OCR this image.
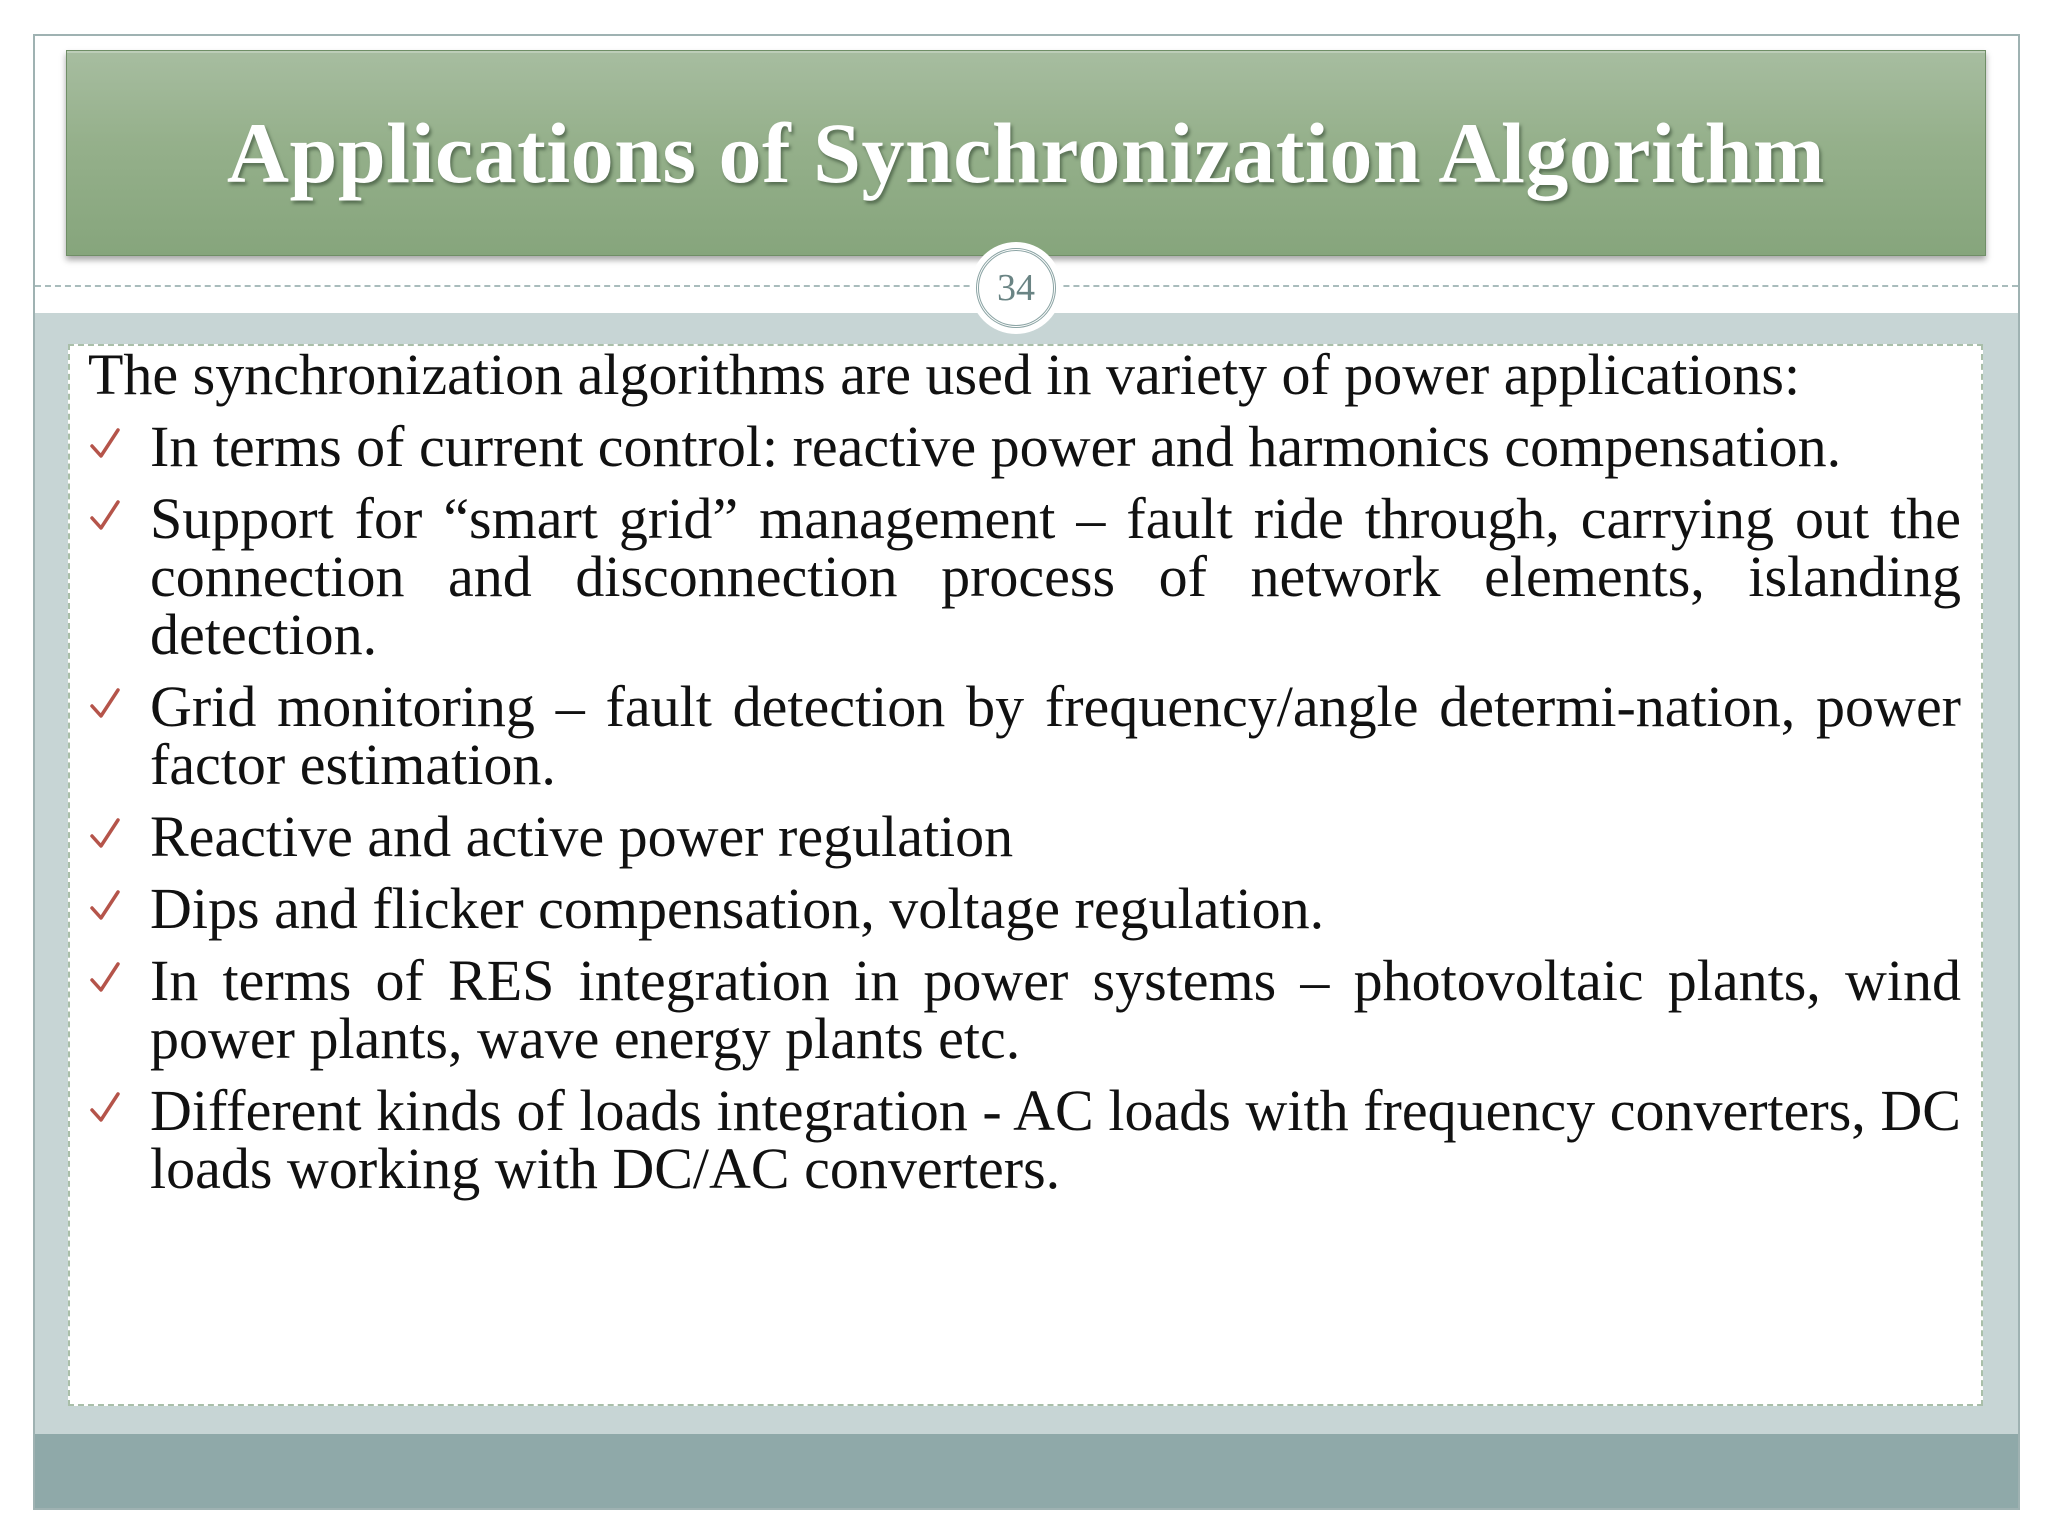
Applications of Synchronization Algorithm
34

The synchronization algorithms are used in variety of power applications:

In terms of current control: reactive power and harmonics compensation.
Support for “smart grid” management – fault ride through, carrying out the connection and disconnection process of network elements, islanding detection.
Grid monitoring – fault detection by frequency/angle determi-nation, power factor estimation.
Reactive and active power regulation
Dips and flicker compensation, voltage regulation.
In terms of RES integration in power systems – photovoltaic plants, wind power plants, wave energy plants etc.
Different kinds of loads integration - AC loads with frequency converters, DC loads working with DC/AC converters.
